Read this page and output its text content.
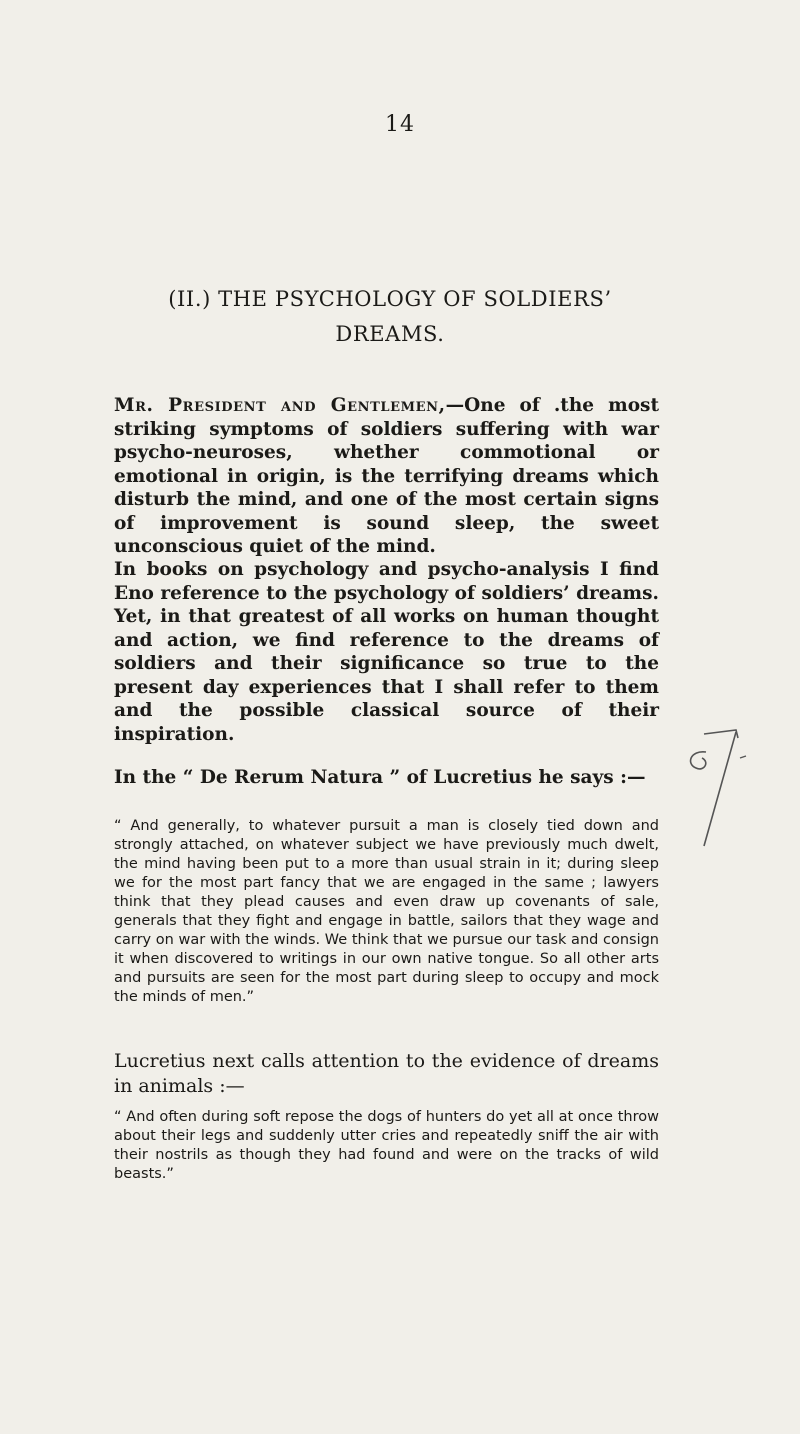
14
(II.) THE PSYCHOLOGY OF SOLDIERS’
DREAMS.

Mr. President and Gentlemen,—One of .the most striking symptoms of soldiers suffering with war psycho-neuroses, whether commotional or emotional in origin, is the terrifying dreams which disturb the mind, and one of the most certain signs of improvement is sound sleep, the sweet unconscious quiet of the mind.

In books on psychology and psycho-analysis I find Eno reference to the psychology of soldiers’ dreams. Yet, in that greatest of all works on human thought and action, we find reference to the dreams of soldiers and their significance so true to the present day experiences that I shall refer to them and the possible classical source of their inspiration.

In the “ De Rerum Natura ” of Lucretius he says :—

“ And generally, to whatever pursuit a man is closely tied down and strongly attached, on whatever subject we have previously much dwelt, the mind having been put to a more than usual strain in it; during sleep we for the most part fancy that we are engaged in the same ; lawyers think that they plead causes and even draw up covenants of sale, generals that they fight and engage in battle, sailors that they wage and carry on war with the winds. We think that we pursue our task and consign it when discovered to writings in our own native tongue. So all other arts and pursuits are seen for the most part during sleep to occupy and mock the minds of men.”

Lucretius next calls attention to the evidence of dreams in animals :—

“ And often during soft repose the dogs of hunters do yet all at once throw about their legs and suddenly utter cries and repeatedly sniff the air with their nostrils as though they had found and were on the tracks of wild beasts.”
